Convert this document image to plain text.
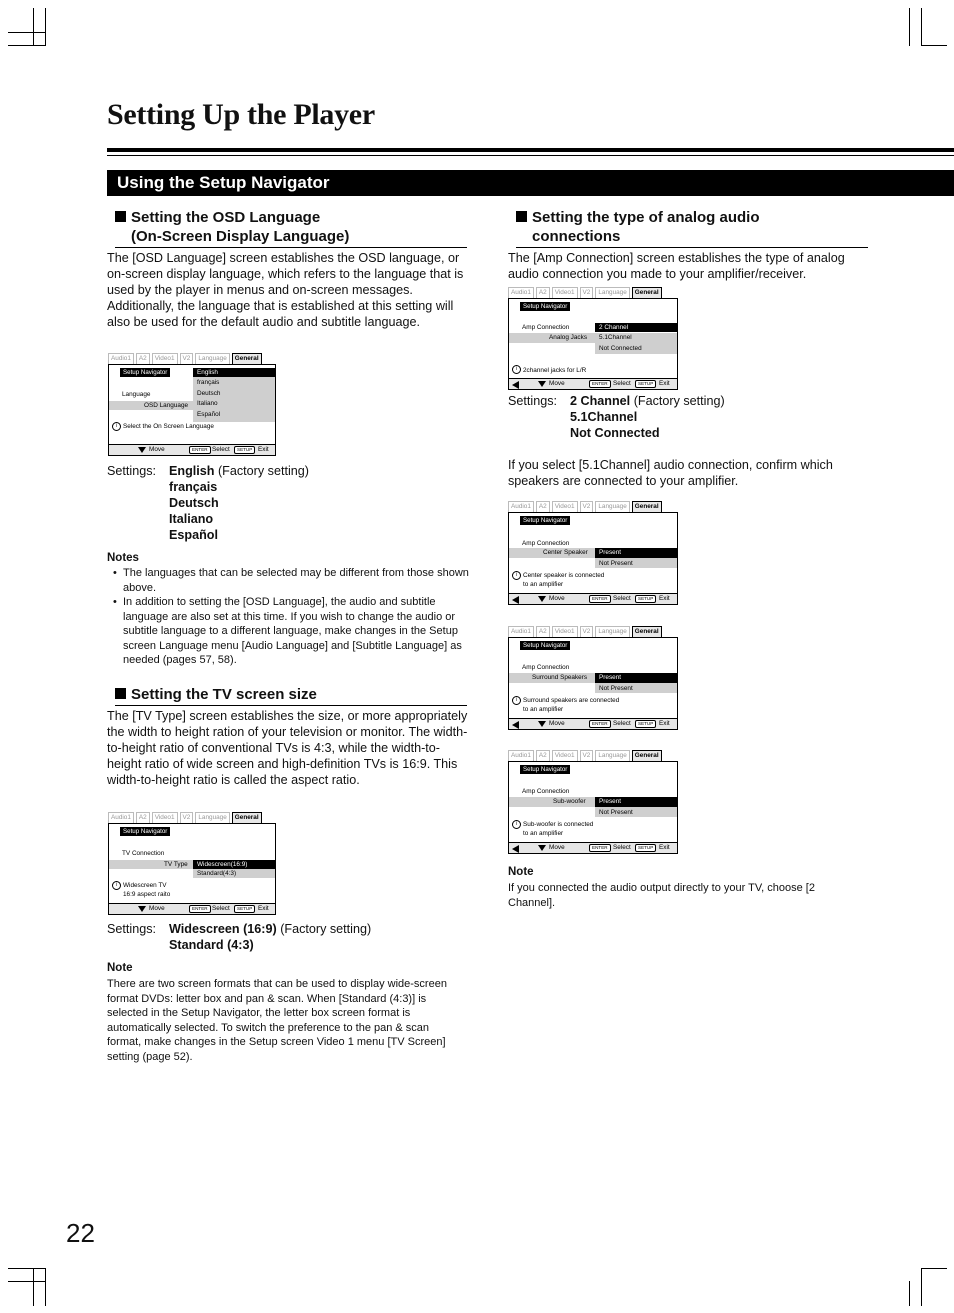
Setting Up the Player
Using the Setup Navigator
Setting the OSD Language
(On-Screen Display Language)
The [OSD Language] screen establishes the OSD language, or on-screen display language, which refers to the language that is used by the player in menus and on-screen messages. Additionally, the language that is established at this setting will also be used for the default audio and subtitle language.
Audio1 A2 Video1 V2 Language General
Setup Navigator	English
français
Deutsch
Italiano
Español
Language
OSD Language
i Select the On Screen Language
Move	ENTER Select	SETUP Exit
Settings: English (Factory setting)
français
Deutsch
Italiano
Español
Notes
• The languages that can be selected may be different from those shown above.
• In addition to setting the [OSD Language], the audio and subtitle language are also set at this time. If you wish to change the audio or subtitle language to a different language, make changes in the Setup screen Language menu [Audio Language] and [Subtitle Language] as needed (pages 57, 58).
Setting the TV screen size
The [TV Type] screen establishes the size, or more appropriately the width to height ration of your television or monitor. The width-to-height ratio of conventional TVs is 4:3, while the width-to-height ratio of wide screen and high-definition TVs is 16:9. This width-to-height ratio is called the aspect ratio.
Audio1 A2 Video1 V2 Language General
Setup Navigator
Widescreen(16:9)
Standard(4:3)
TV Connection
TV Type
i Widescreen TV
16:9 aspect raito
Move	ENTER Select	SETUP Exit
Settings: Widescreen (16:9) (Factory setting)
Standard (4:3)
Note
There are two screen formats that can be used to display wide-screen format DVDs: letter box and pan & scan. When [Standard (4:3)] is selected in the Setup Navigator, the letter box screen format is automatically selected. To switch the preference to the pan & scan format, make changes in the Setup screen Video 1 menu [TV Screen] setting (page 52).
Setting the type of analog audio
connections
The [Amp Connection] screen establishes the type of analog audio connection you made to your amplifier/receiver.
Audio1 A2 Video1 V2 Language General
Setup Navigator
2 Channel
5.1Channel
Not Connected
Amp Connection
Analog Jacks
i 2channel jacks for L/R
Move	ENTER Select	SETUP Exit
Settings: 2 Channel (Factory setting)
5.1Channel
Not Connected
If you select [5.1Channel] audio connection, confirm which speakers are connected to your amplifier.
Audio1 A2 Video1 V2 Language General
Setup Navigator
Present
Not Present
Amp Connection
Center Speaker
i Center speaker is connected
to an amplifier
Move	ENTER Select	SETUP Exit
Audio1 A2 Video1 V2 Language General
Setup Navigator
Present
Not Present
Amp Connection
Surround Speakers
i Surround speakers are connected
to an amplifier
Move	ENTER Select	SETUP Exit
Audio1 A2 Video1 V2 Language General
Setup Navigator
Present
Not Present
Amp Connection
Sub-woofer
i Sub-woofer is connected
to an amplifier
Move	ENTER Select	SETUP Exit
Note
If you connected the audio output directly to your TV, choose [2 Channel].
22
